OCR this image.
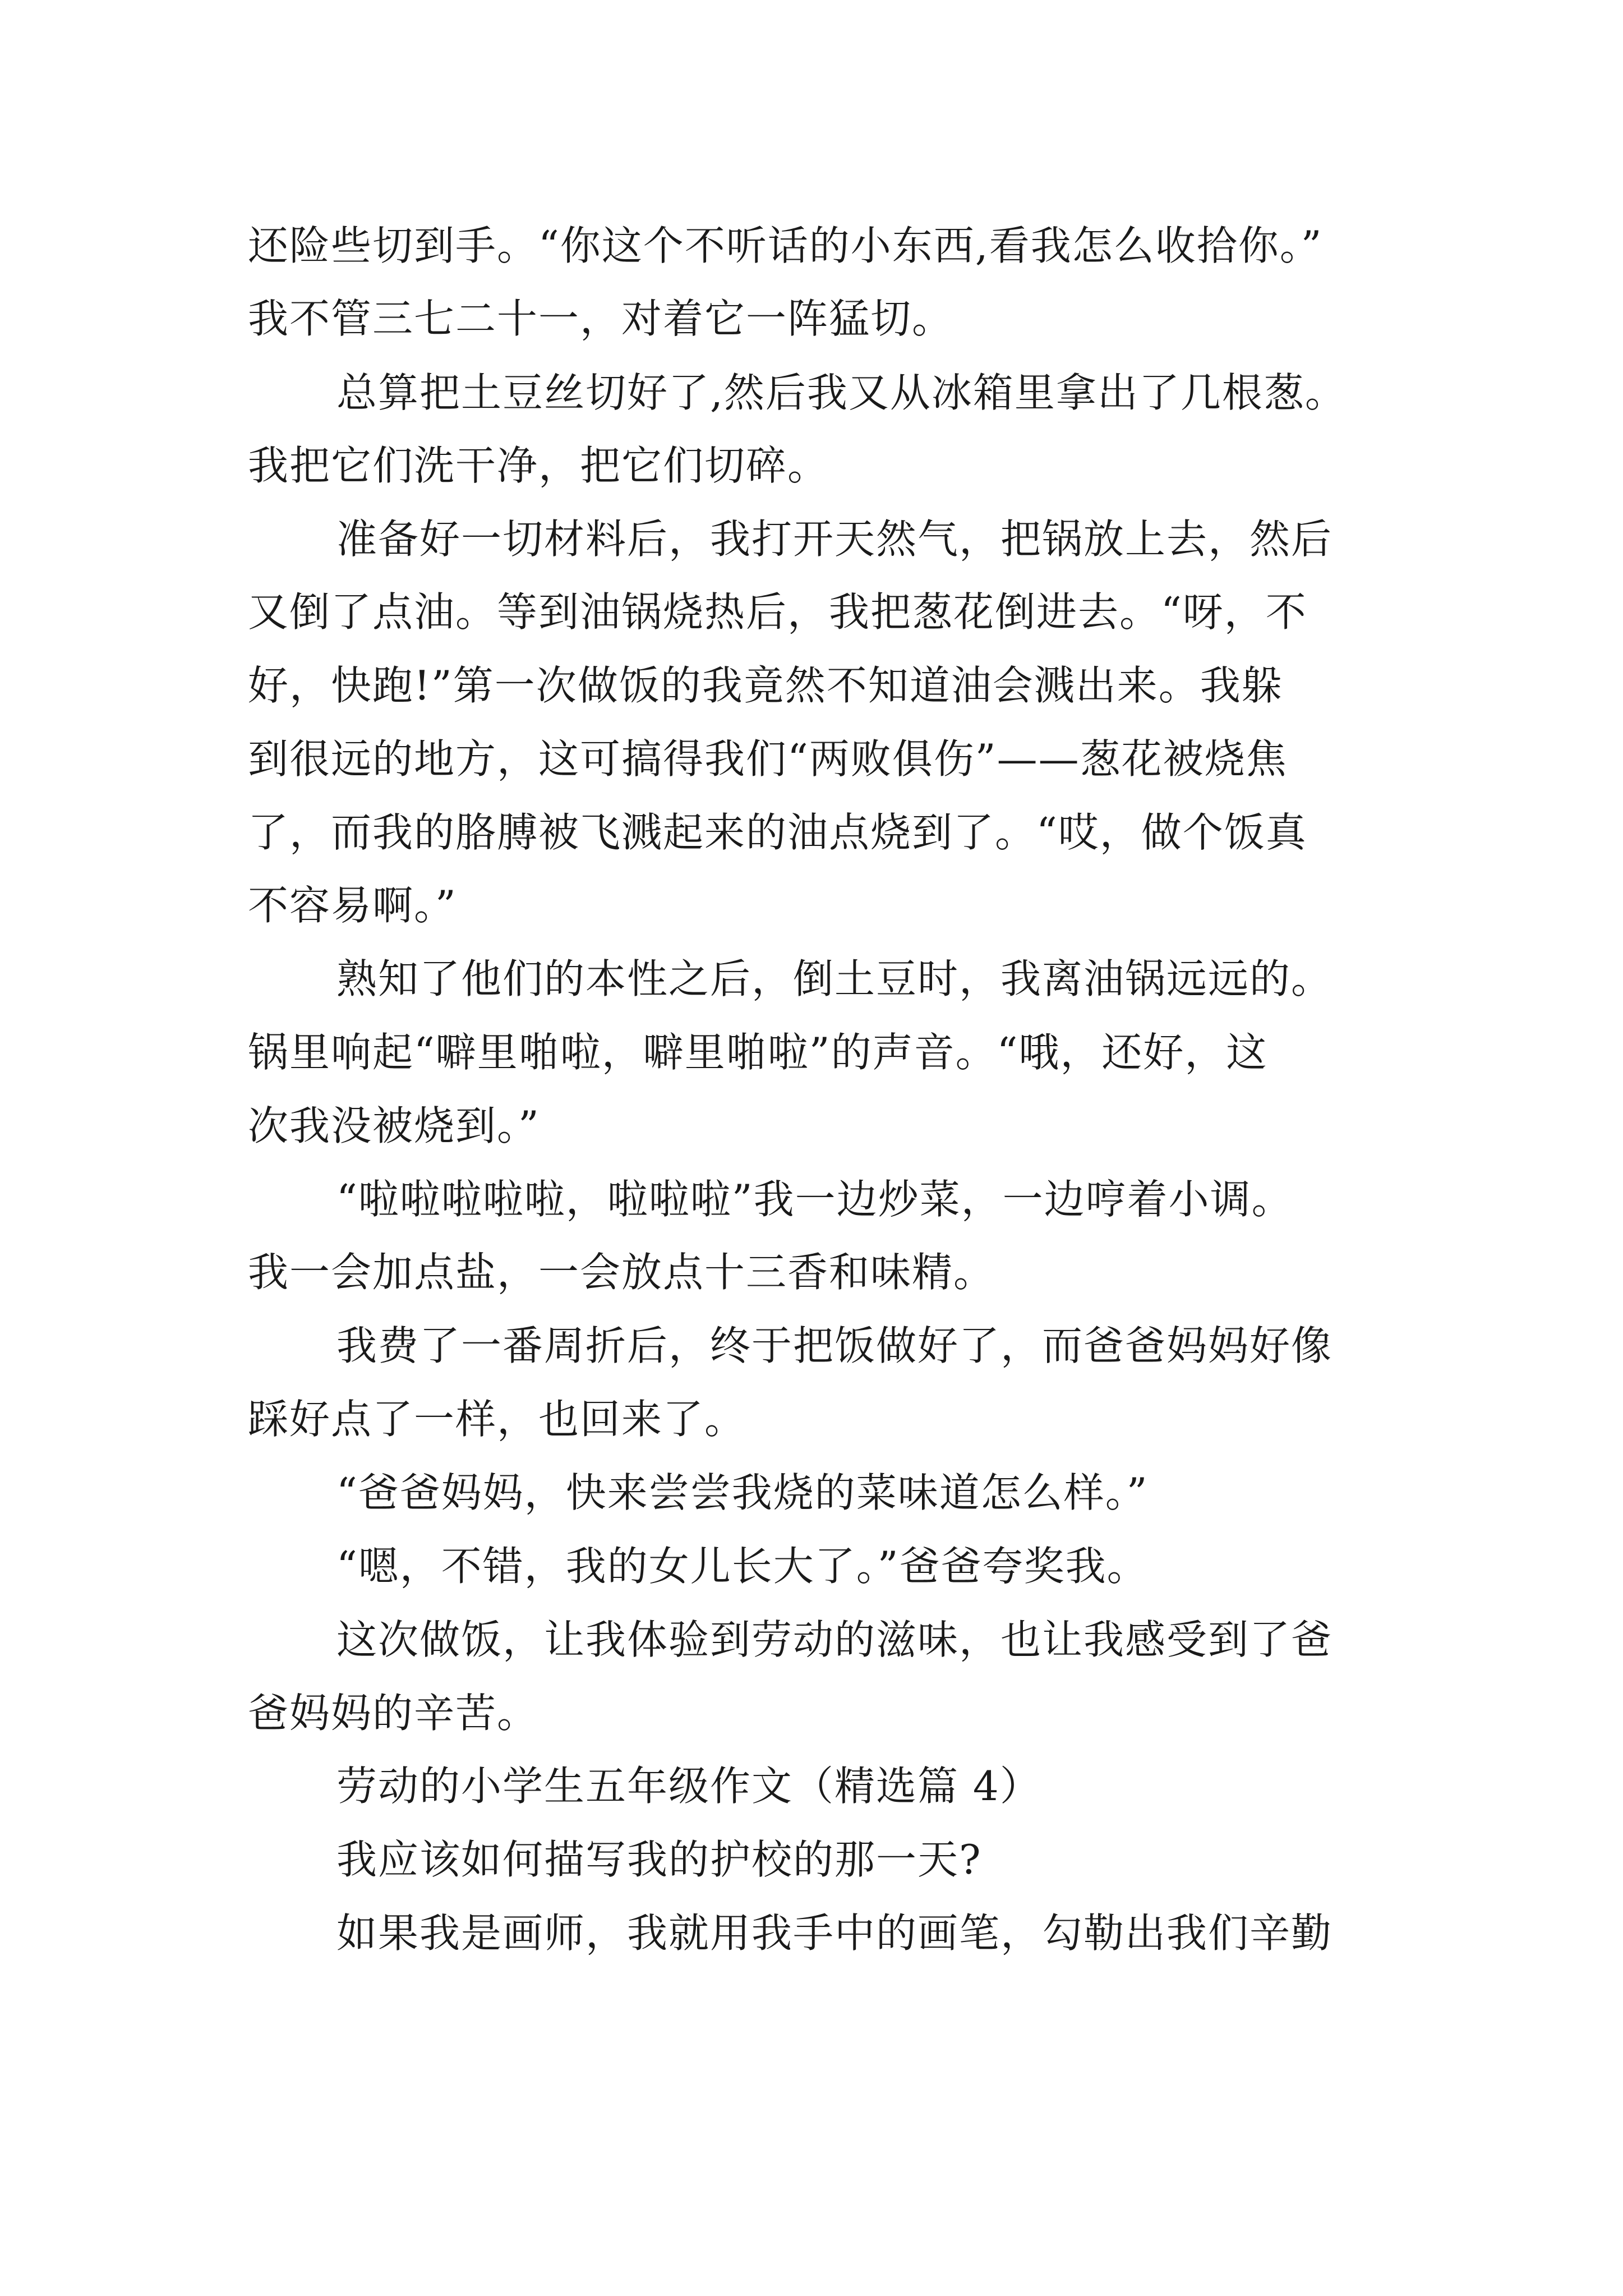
还险些切到手。“你这个不听话的小东西,看我怎么收拾你。”
我不管三七二十一，对着它一阵猛切。
总算把土豆丝切好了,然后我又从冰箱里拿出了几根葱。
我把它们洗干净，把它们切碎。
准备好一切材料后，我打开天然气，把锅放上去，然后
又倒了点油。等到油锅烧热后，我把葱花倒进去。“呀，不
好，快跑!”第一次做饭的我竟然不知道油会溅出来。我躲
到很远的地方，这可搞得我们“两败俱伤”——葱花被烧焦
了，而我的胳膊被飞溅起来的油点烧到了。“哎，做个饭真
不容易啊。”
熟知了他们的本性之后，倒土豆时，我离油锅远远的。
锅里响起“噼里啪啦，噼里啪啦”的声音。“哦，还好，这
次我没被烧到。”
“啦啦啦啦啦，啦啦啦”我一边炒菜，一边哼着小调。
我一会加点盐，一会放点十三香和味精。
我费了一番周折后，终于把饭做好了，而爸爸妈妈好像
踩好点了一样，也回来了。
“爸爸妈妈，快来尝尝我烧的菜味道怎么样。”
“嗯，不错，我的女儿长大了。”爸爸夸奖我。
这次做饭，让我体验到劳动的滋味，也让我感受到了爸
爸妈妈的辛苦。
劳动的小学生五年级作文（精选篇 4）
我应该如何描写我的护校的那一天?
如果我是画师，我就用我手中的画笔，勾勒出我们辛勤
